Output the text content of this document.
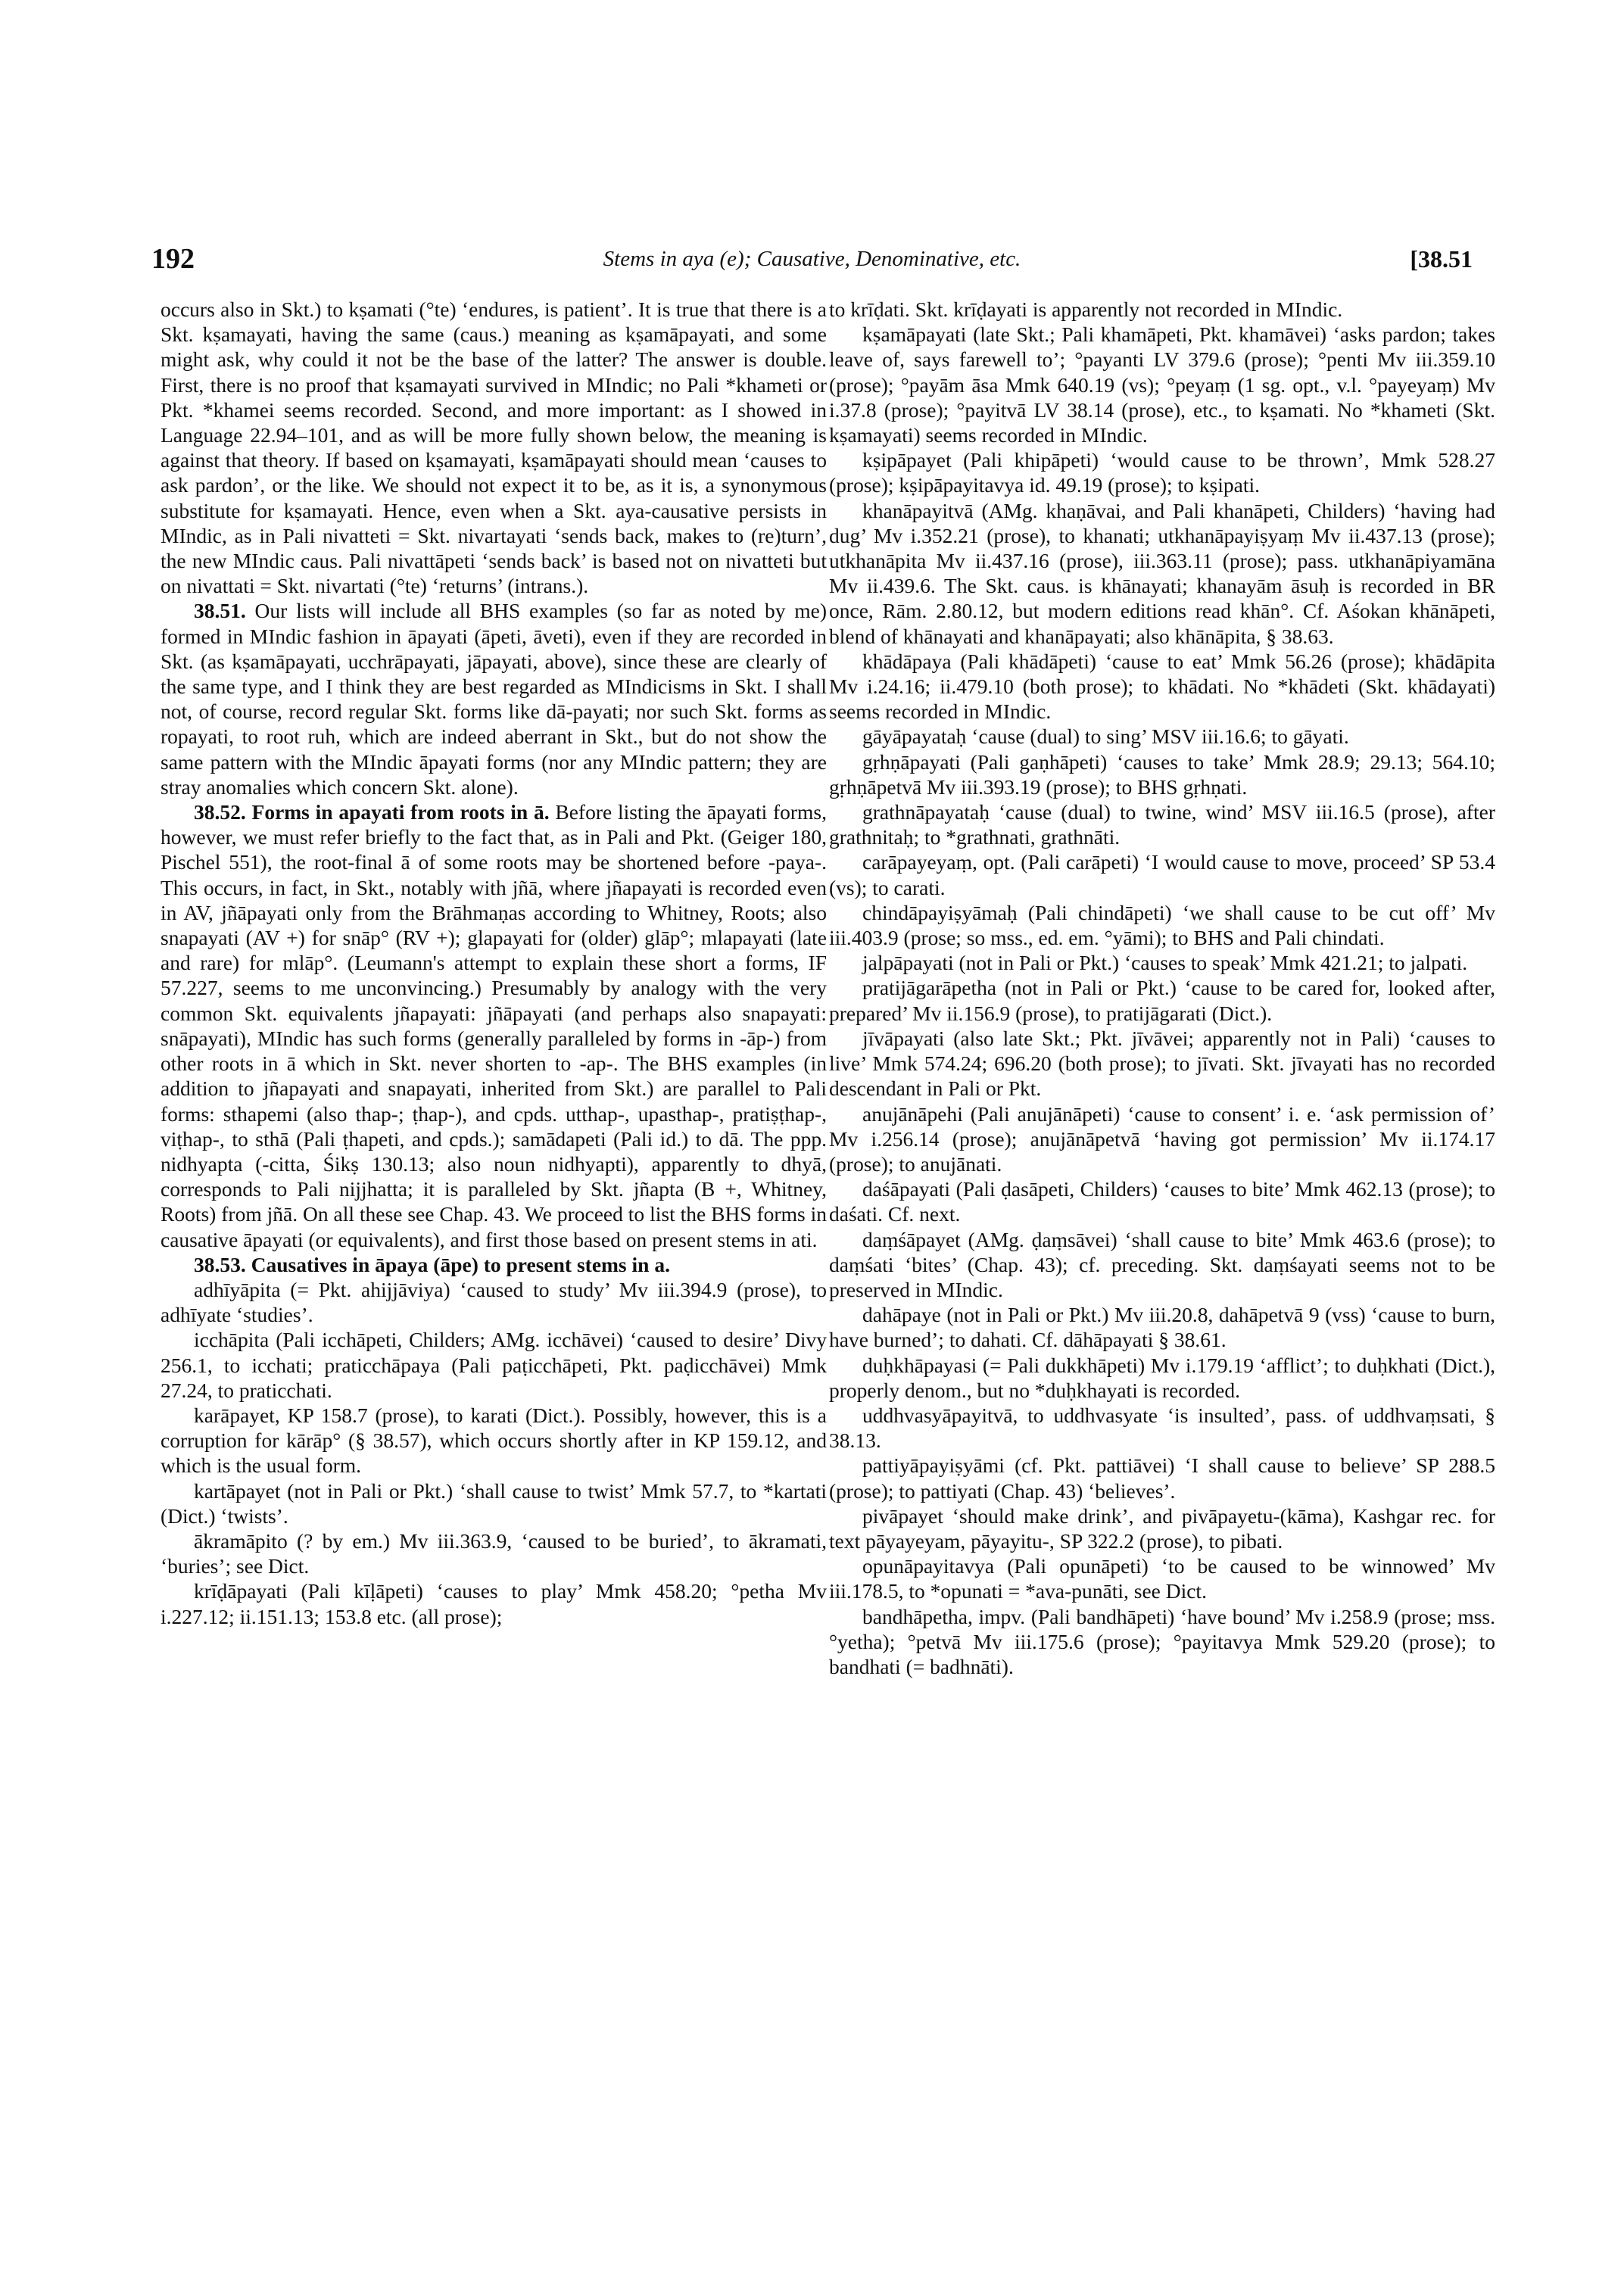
192	Stems in aya (e); Causative, Denominative, etc.	[38.51

occurs also in Skt.) to kṣamati (°te) ‘endures, is patient’. It is true that there is a Skt. kṣamayati, having the same (caus.) meaning as kṣamāpayati, and some might ask, why could it not be the base of the latter? The answer is double. First, there is no proof that kṣamayati survived in MIndic; no Pali *khameti or Pkt. *khamei seems recorded. Second, and more important: as I showed in Language 22.94–101, and as will be more fully shown below, the meaning is against that theory. If based on kṣamayati, kṣamāpayati should mean ‘causes to ask pardon’, or the like. We should not expect it to be, as it is, a synonymous substitute for kṣamayati. Hence, even when a Skt. aya-causative persists in MIndic, as in Pali nivatteti = Skt. nivartayati ‘sends back, makes to (re)turn’, the new MIndic caus. Pali nivattāpeti ‘sends back’ is based not on nivatteti but on nivattati = Skt. nivartati (°te) ‘returns’ (intrans.).

38.51. Our lists will include all BHS examples (so far as noted by me) formed in MIndic fashion in āpayati (āpeti, āveti), even if they are recorded in Skt. (as kṣamāpayati, ucchrāpayati, jāpayati, above), since these are clearly of the same type, and I think they are best regarded as MIndicisms in Skt. I shall not, of course, record regular Skt. forms like dā-payati; nor such Skt. forms as ropayati, to root ruh, which are indeed aberrant in Skt., but do not show the same pattern with the MIndic āpayati forms (nor any MIndic pattern; they are stray anomalies which concern Skt. alone).

38.52. Forms in apayati from roots in ā. Before listing the āpayati forms, however, we must refer briefly to the fact that, as in Pali and Pkt. (Geiger 180, Pischel 551), the root-final ā of some roots may be shortened before -paya-. This occurs, in fact, in Skt., notably with jñā, where jñapayati is recorded even in AV, jñāpayati only from the Brāhmaṇas according to Whitney, Roots; also snapayati (AV +) for snāp° (RV +); glapayati for (older) glāp°; mlapayati (late and rare) for mlāp°. (Leumann's attempt to explain these short a forms, IF 57.227, seems to me unconvincing.) Presumably by analogy with the very common Skt. equivalents jñapayati: jñāpayati (and perhaps also snapayati: snāpayati), MIndic has such forms (generally paralleled by forms in -āp-) from other roots in ā which in Skt. never shorten to -ap-. The BHS examples (in addition to jñapayati and snapayati, inherited from Skt.) are parallel to Pali forms: sthapemi (also thap-; ṭhap-), and cpds. utthap-, upasthap-, pratiṣṭhap-, viṭhap-, to sthā (Pali ṭhapeti, and cpds.); samādapeti (Pali id.) to dā. The ppp. nidhyapta (-citta, Śikṣ 130.13; also noun nidhyapti), apparently to dhyā, corresponds to Pali nijjhatta; it is paralleled by Skt. jñapta (B +, Whitney, Roots) from jñā. On all these see Chap. 43. We proceed to list the BHS forms in causative āpayati (or equivalents), and first those based on present stems in ati.

38.53. Causatives in āpaya (āpe) to present stems in a.

adhīyāpita (= Pkt. ahijjāviya) ‘caused to study’ Mv iii.394.9 (prose), to adhīyate ‘studies’.

icchāpita (Pali icchāpeti, Childers; AMg. icchāvei) ‘caused to desire’ Divy 256.1, to icchati; praticchāpaya (Pali paṭicchāpeti, Pkt. paḍicchāvei) Mmk 27.24, to praticchati.

karāpayet, KP 158.7 (prose), to karati (Dict.). Possibly, however, this is a corruption for kārāp° (§ 38.57), which occurs shortly after in KP 159.12, and which is the usual form.

kartāpayet (not in Pali or Pkt.) ‘shall cause to twist’ Mmk 57.7, to *kartati (Dict.) ‘twists’.

ākramāpito (? by em.) Mv iii.363.9, ‘caused to be buried’, to ākramati, ‘buries’; see Dict.

krīḍāpayati (Pali kīḷāpeti) ‘causes to play’ Mmk 458.20; °petha Mv i.227.12; ii.151.13; 153.8 etc. (all prose);

to krīḍati. Skt. krīḍayati is apparently not recorded in MIndic.

kṣamāpayati (late Skt.; Pali khamāpeti, Pkt. khamāvei) ‘asks pardon; takes leave of, says farewell to’; °payanti LV 379.6 (prose); °penti Mv iii.359.10 (prose); °payām āsa Mmk 640.19 (vs); °peyaṃ (1 sg. opt., v.l. °payeyaṃ) Mv i.37.8 (prose); °payitvā LV 38.14 (prose), etc., to kṣamati. No *khameti (Skt. kṣamayati) seems recorded in MIndic.

kṣipāpayet (Pali khipāpeti) ‘would cause to be thrown’, Mmk 528.27 (prose); kṣipāpayitavya id. 49.19 (prose); to kṣipati.

khanāpayitvā (AMg. khaṇāvai, and Pali khanāpeti, Childers) ‘having had dug’ Mv i.352.21 (prose), to khanati; utkhanāpayiṣyaṃ Mv ii.437.13 (prose); utkhanāpita Mv ii.437.16 (prose), iii.363.11 (prose); pass. utkhanāpiyamāna Mv ii.439.6. The Skt. caus. is khānayati; khanayām āsuḥ is recorded in BR once, Rām. 2.80.12, but modern editions read khān°. Cf. Aśokan khānāpeti, blend of khānayati and khanāpayati; also khānāpita, § 38.63.

khādāpaya (Pali khādāpeti) ‘cause to eat’ Mmk 56.26 (prose); khādāpita Mv i.24.16; ii.479.10 (both prose); to khādati. No *khādeti (Skt. khādayati) seems recorded in MIndic.

gāyāpayataḥ ‘cause (dual) to sing’ MSV iii.16.6; to gāyati.

gṛhṇāpayati (Pali gaṇhāpeti) ‘causes to take’ Mmk 28.9; 29.13; 564.10; gṛhṇāpetvā Mv iii.393.19 (prose); to BHS gṛhṇati.

grathnāpayataḥ ‘cause (dual) to twine, wind’ MSV iii.16.5 (prose), after grathnitaḥ; to *grathnati, grathnāti.

carāpayeyaṃ, opt. (Pali carāpeti) ‘I would cause to move, proceed’ SP 53.4 (vs); to carati.

chindāpayiṣyāmaḥ (Pali chindāpeti) ‘we shall cause to be cut off’ Mv iii.403.9 (prose; so mss., ed. em. °yāmi); to BHS and Pali chindati.

jalpāpayati (not in Pali or Pkt.) ‘causes to speak’ Mmk 421.21; to jalpati.

pratijāgarāpetha (not in Pali or Pkt.) ‘cause to be cared for, looked after, prepared’ Mv ii.156.9 (prose), to pratijāgarati (Dict.).

jīvāpayati (also late Skt.; Pkt. jīvāvei; apparently not in Pali) ‘causes to live’ Mmk 574.24; 696.20 (both prose); to jīvati. Skt. jīvayati has no recorded descendant in Pali or Pkt.

anujānāpehi (Pali anujānāpeti) ‘cause to consent’ i. e. ‘ask permission of’ Mv i.256.14 (prose); anujānāpetvā ‘having got permission’ Mv ii.174.17 (prose); to anujānati.

daśāpayati (Pali ḍasāpeti, Childers) ‘causes to bite’ Mmk 462.13 (prose); to daśati. Cf. next.

daṃśāpayet (AMg. ḍaṃsāvei) ‘shall cause to bite’ Mmk 463.6 (prose); to daṃśati ‘bites’ (Chap. 43); cf. preceding. Skt. daṃśayati seems not to be preserved in MIndic.

dahāpaye (not in Pali or Pkt.) Mv iii.20.8, dahāpetvā 9 (vss) ‘cause to burn, have burned’; to dahati. Cf. dāhāpayati § 38.61.

duḥkhāpayasi (= Pali dukkhāpeti) Mv i.179.19 ‘afflict’; to duḥkhati (Dict.), properly denom., but no *duḥkhayati is recorded.

uddhvasyāpayitvā, to uddhvasyate ‘is insulted’, pass. of uddhvaṃsati, § 38.13.

pattiyāpayiṣyāmi (cf. Pkt. pattiāvei) ‘I shall cause to believe’ SP 288.5 (prose); to pattiyati (Chap. 43) ‘believes’.

pivāpayet ‘should make drink’, and pivāpayetu-(kāma), Kashgar rec. for text pāyayeyam, pāyayitu-, SP 322.2 (prose), to pibati.

opunāpayitavya (Pali opunāpeti) ‘to be caused to be winnowed’ Mv iii.178.5, to *opunati = *ava-punāti, see Dict.

bandhāpetha, impv. (Pali bandhāpeti) ‘have bound’ Mv i.258.9 (prose; mss. °yetha); °petvā Mv iii.175.6 (prose); °payitavya Mmk 529.20 (prose); to bandhati (= badhnāti).
